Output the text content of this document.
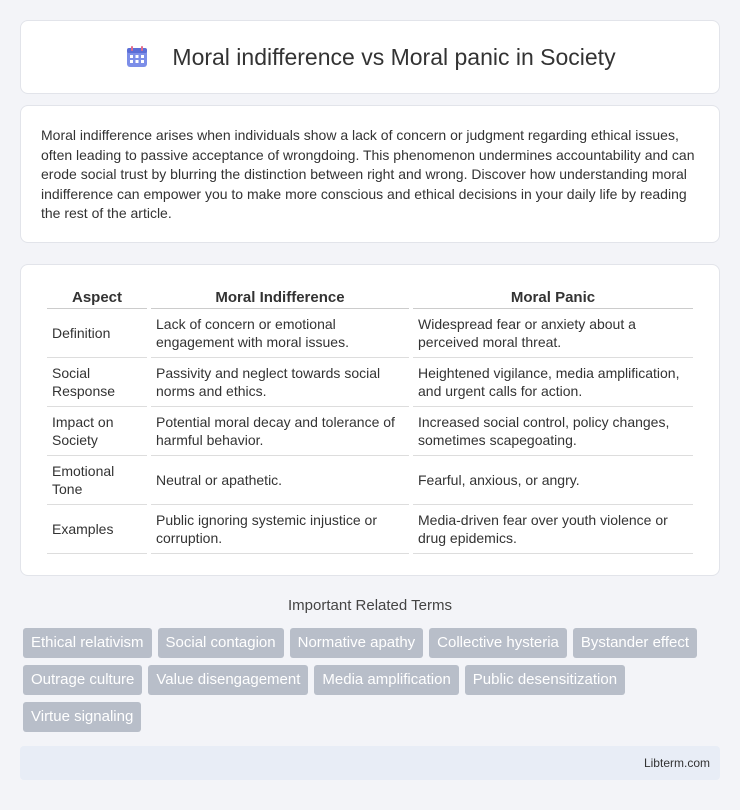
Moral indifference vs Moral panic in Society

Moral indifference arises when individuals show a lack of concern or judgment regarding ethical issues, often leading to passive acceptance of wrongdoing. This phenomenon undermines accountability and can erode social trust by blurring the distinction between right and wrong. Discover how understanding moral indifference can empower you to make more conscious and ethical decisions in your daily life by reading the rest of the article.

Aspect	Moral Indifference	Moral Panic
Definition	Lack of concern or emotional engagement with moral issues.	Widespread fear or anxiety about a perceived moral threat.
Social Response	Passivity and neglect towards social norms and ethics.	Heightened vigilance, media amplification, and urgent calls for action.
Impact on Society	Potential moral decay and tolerance of harmful behavior.	Increased social control, policy changes, sometimes scapegoating.
Emotional Tone	Neutral or apathetic.	Fearful, anxious, or angry.
Examples	Public ignoring systemic injustice or corruption.	Media-driven fear over youth violence or drug epidemics.
Important Related Terms
Ethical relativism	Social contagion	Normative apathy	Collective hysteria	Bystander effect
Outrage culture	Value disengagement	Media amplification	Public desensitization
Virtue signaling
Libterm.com
